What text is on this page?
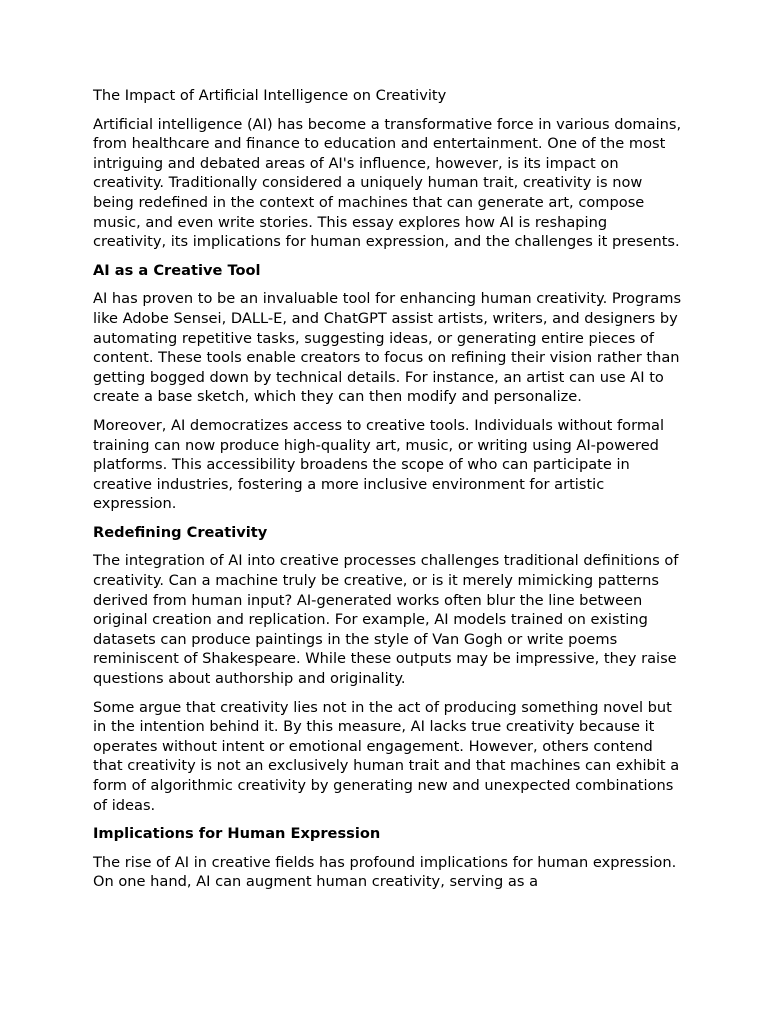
The Impact of Artificial Intelligence on Creativity

Artificial intelligence (AI) has become a transformative force in various domains, from healthcare and finance to education and entertainment. One of the most intriguing and debated areas of AI's influence, however, is its impact on creativity. Traditionally considered a uniquely human trait, creativity is now being redefined in the context of machines that can generate art, compose music, and even write stories. This essay explores how AI is reshaping creativity, its implications for human expression, and the challenges it presents.

AI as a Creative Tool

AI has proven to be an invaluable tool for enhancing human creativity. Programs like Adobe Sensei, DALL-E, and ChatGPT assist artists, writers, and designers by automating repetitive tasks, suggesting ideas, or generating entire pieces of content. These tools enable creators to focus on refining their vision rather than getting bogged down by technical details. For instance, an artist can use AI to create a base sketch, which they can then modify and personalize.

Moreover, AI democratizes access to creative tools. Individuals without formal training can now produce high-quality art, music, or writing using AI-powered platforms. This accessibility broadens the scope of who can participate in creative industries, fostering a more inclusive environment for artistic expression.

Redefining Creativity

The integration of AI into creative processes challenges traditional definitions of creativity. Can a machine truly be creative, or is it merely mimicking patterns derived from human input? AI-generated works often blur the line between original creation and replication. For example, AI models trained on existing datasets can produce paintings in the style of Van Gogh or write poems reminiscent of Shakespeare. While these outputs may be impressive, they raise questions about authorship and originality.

Some argue that creativity lies not in the act of producing something novel but in the intention behind it. By this measure, AI lacks true creativity because it operates without intent or emotional engagement. However, others contend that creativity is not an exclusively human trait and that machines can exhibit a form of algorithmic creativity by generating new and unexpected combinations of ideas.

Implications for Human Expression

The rise of AI in creative fields has profound implications for human expression. On one hand, AI can augment human creativity, serving as a
